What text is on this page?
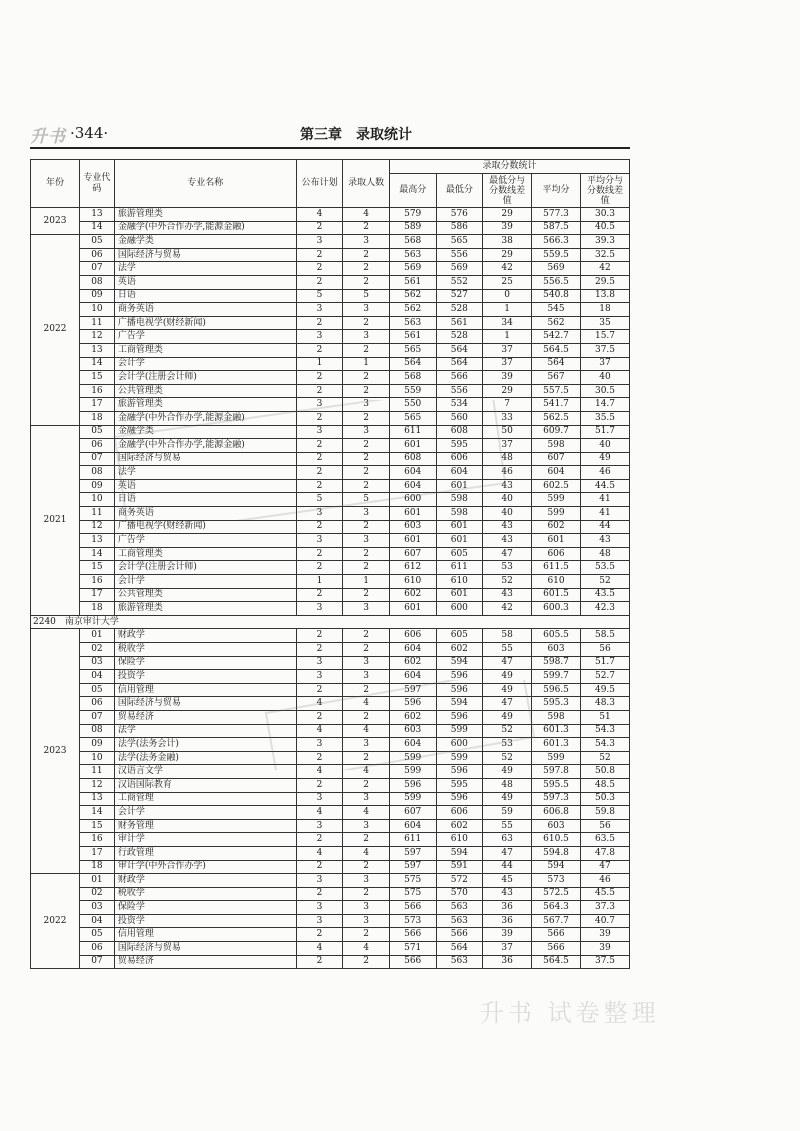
升书 ·344·	第三章　录取统计
年份	专业代码	专业名称	公布计划	录取人数	录取分数统计				
					最高分	最低分	最低分与分数线差值	平均分	平均分与分数线差值
2023	13	旅游管理类	4	4	579	576	29	577.3	30.3
	14	金融学(中外合作办学,能源金融)	2	2	589	586	39	587.5	40.5
2022	05	金融学类	3	3	568	565	38	566.3	39.3
	06	国际经济与贸易	2	2	563	556	29	559.5	32.5
	07	法学	2	2	569	569	42	569	42
	08	英语	2	2	561	552	25	556.5	29.5
	09	日语	5	5	562	527	0	540.8	13.8
	10	商务英语	3	3	562	528	1	545	18
	11	广播电视学(财经新闻)	2	2	563	561	34	562	35
	12	广告学	3	3	561	528	1	542.7	15.7
	13	工商管理类	2	2	565	564	37	564.5	37.5
	14	会计学	1	1	564	564	37	564	37
	15	会计学(注册会计师)	2	2	568	566	39	567	40
	16	公共管理类	2	2	559	556	29	557.5	30.5
	17	旅游管理类	3	3	550	534	7	541.7	14.7
	18	金融学(中外合作办学,能源金融)	2	2	565	560	33	562.5	35.5
2021	05	金融学类	3	3	611	608	50	609.7	51.7
	06	金融学(中外合作办学,能源金融)	2	2	601	595	37	598	40
	07	国际经济与贸易	2	2	608	606	48	607	49
	08	法学	2	2	604	604	46	604	46
	09	英语	2	2	604	601	43	602.5	44.5
	10	日语	5	5	600	598	40	599	41
	11	商务英语	3	3	601	598	40	599	41
	12	广播电视学(财经新闻)	2	2	603	601	43	602	44
	13	广告学	3	3	601	601	43	601	43
	14	工商管理类	2	2	607	605	47	606	48
	15	会计学(注册会计师)	2	2	612	611	53	611.5	53.5
	16	会计学	1	1	610	610	52	610	52
	17	公共管理类	2	2	602	601	43	601.5	43.5
	18	旅游管理类	3	3	601	600	42	600.3	42.3
2240　南京审计大学									
2023	01	财政学	2	2	606	605	58	605.5	58.5
	02	税收学	2	2	604	602	55	603	56
	03	保险学	3	3	602	594	47	598.7	51.7
	04	投资学	3	3	604	596	49	599.7	52.7
	05	信用管理	2	2	597	596	49	596.5	49.5
	06	国际经济与贸易	4	4	596	594	47	595.3	48.3
	07	贸易经济	2	2	602	596	49	598	51
	08	法学	4	4	603	599	52	601.3	54.3
	09	法学(法务会计)	3	3	604	600	53	601.3	54.3
	10	法学(法务金融)	2	2	599	599	52	599	52
	11	汉语言文学	4	4	599	596	49	597.8	50.8
	12	汉语国际教育	2	2	596	595	48	595.5	48.5
	13	工商管理	3	3	599	596	49	597.3	50.3
	14	会计学	4	4	607	606	59	606.8	59.8
	15	财务管理	3	3	604	602	55	603	56
	16	审计学	2	2	611	610	63	610.5	63.5
	17	行政管理	4	4	597	594	47	594.8	47.8
	18	审计学(中外合作办学)	2	2	597	591	44	594	47
2022	01	财政学	3	3	575	572	45	573	46
	02	税收学	2	2	575	570	43	572.5	45.5
	03	保险学	3	3	566	563	36	564.3	37.3
	04	投资学	3	3	573	563	36	567.7	40.7
	05	信用管理	2	2	566	566	39	566	39
	06	国际经济与贸易	4	4	571	564	37	566	39
	07	贸易经济	2	2	566	563	36	564.5	37.5
升书 试卷整理
